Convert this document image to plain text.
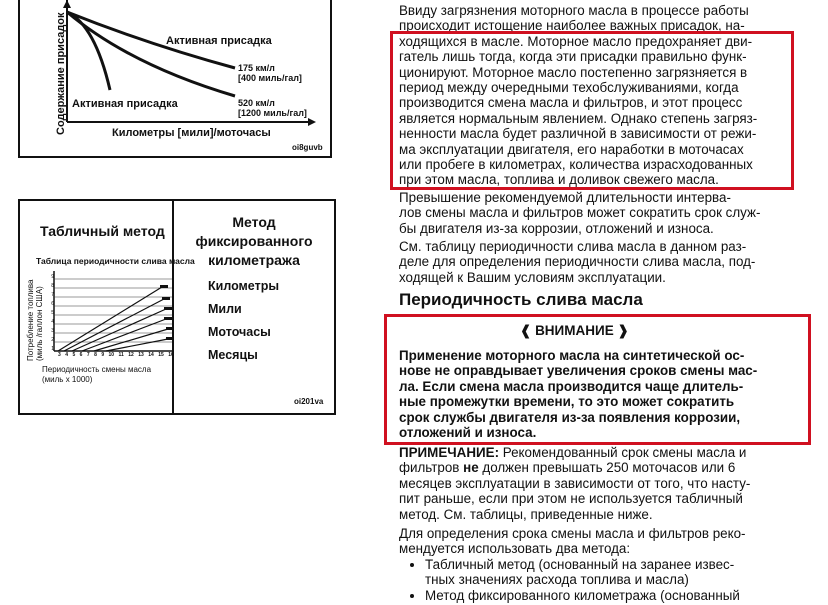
Содержание присадок	Активная присадка
Активная присадка
175 км/л
[400 миль/гал]
520 км/л
[1200 миль/гал]
Километры [мили]/моточасы
oi8guvb
Табличный метод
Таблица периодичности слива масла
Потребление топлива (миль /галлон США)
9
8
7
6
5
4
3
2
1
3 4 5 6 7 8 9 10 11 12 13 14 15 16
Периодичность смены масла
(миль x 1000)
Метод фиксированного
километража
Километры
Мили
Моточасы
Месяцы
oi201va

Ввиду загрязнения моторного масла в процессе работы

происходит истощение наиболее важных присадок, на-

ходящихся в масле. Моторное масло предохраняет дви-

гатель лишь тогда, когда эти присадки правильно функ-

ционируют. Моторное масло постепенно загрязняется в

период между очередными техобслуживаниями, когда

производится смена масла и фильтров, и этот процесс

является нормальным явлением. Однако степень загряз-

ненности масла будет различной в зависимости от режи-

ма эксплуатации двигателя, его наработки в моточасах

или пробеге в километрах, количества израсходованных

при этом масла, топлива и доливок свежего масла.

Превышение рекомендуемой длительности интерва-

лов смены масла и фильтров может сократить срок служ-

бы двигателя из-за коррозии, отложений и износа.

См. таблицу периодичности слива масла в данном раз-

деле для определения периодичности слива масла, под-

ходящей к Вашим условиям эксплуатации.

Периодичность слива масла
❰ ВНИМАНИЕ ❱

Применение моторного масла на синтетической ос-

нове не оправдывает увеличения сроков смены мас-

ла. Если смена масла производится чаще длитель-

ные промежутки времени, то это может сократить

срок службы двигателя из-за появления коррозии,

отложений и износа.

ПРИМЕЧАНИЕ: Рекомендованный срок смены масла и

фильтров не должен превышать 250 моточасов или 6

месяцев эксплуатации в зависимости от того, что насту-

пит раньше, если при этом не используется табличный

метод. См. таблицы, приведенные ниже.

Для определения срока смены масла и фильтров реко-

мендуется использовать два метода:

• Табличный метод (основанный на заранее извес-
тных значениях расхода топлива и масла)
• Метод фиксированного километража (основанный
